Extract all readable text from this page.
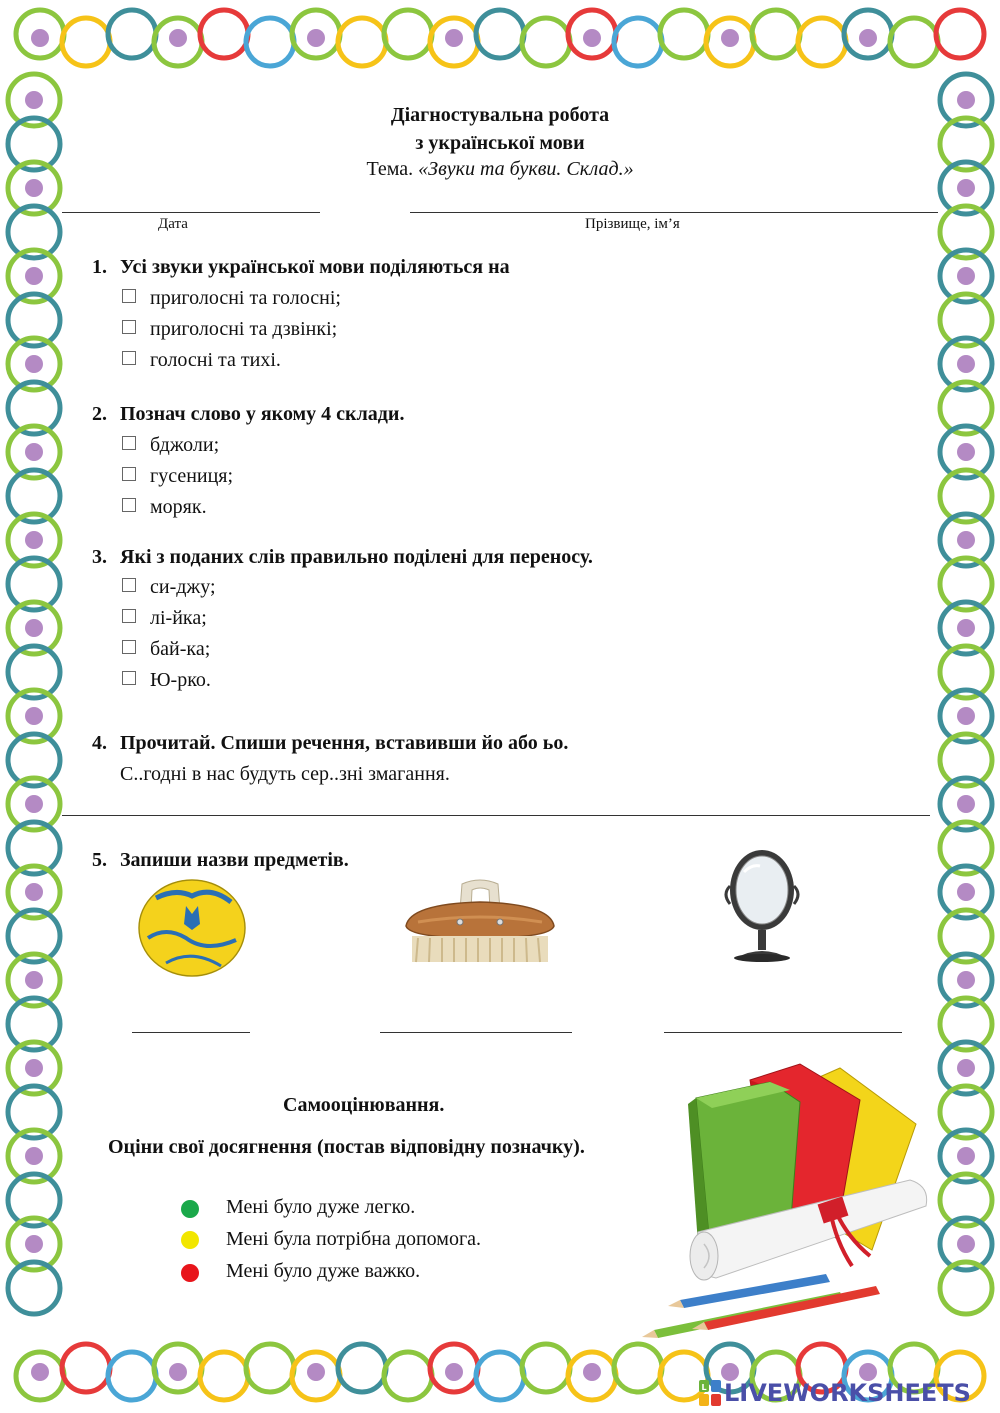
Діагностувальна робота
з української мови
Тема. «Звуки та букви. Склад.»
Дата	Прізвище, ім’я
1. Усі звуки української мови поділяються на
приголосні та голосні;
приголосні та дзвінкі;
голосні та тихі.
2. Познач слово у якому 4 склади.
бджоли;
гусениця;
моряк.
3. Які з поданих слів правильно поділені для переносу.
си-джу;
лі-йка;
бай-ка;
Ю-рко.
4. Прочитай. Спиши речення, вставивши йо або ьо.
С..годні в нас будуть сер..зні змагання.
5. Запиши назви предметів.
Самооцінювання.
Оціни свої досягнення (постав відповідну позначку).
Мені було дуже легко.
Мені була потрібна допомога.
Мені було дуже важко.
L LIVEWORKSHEETS
